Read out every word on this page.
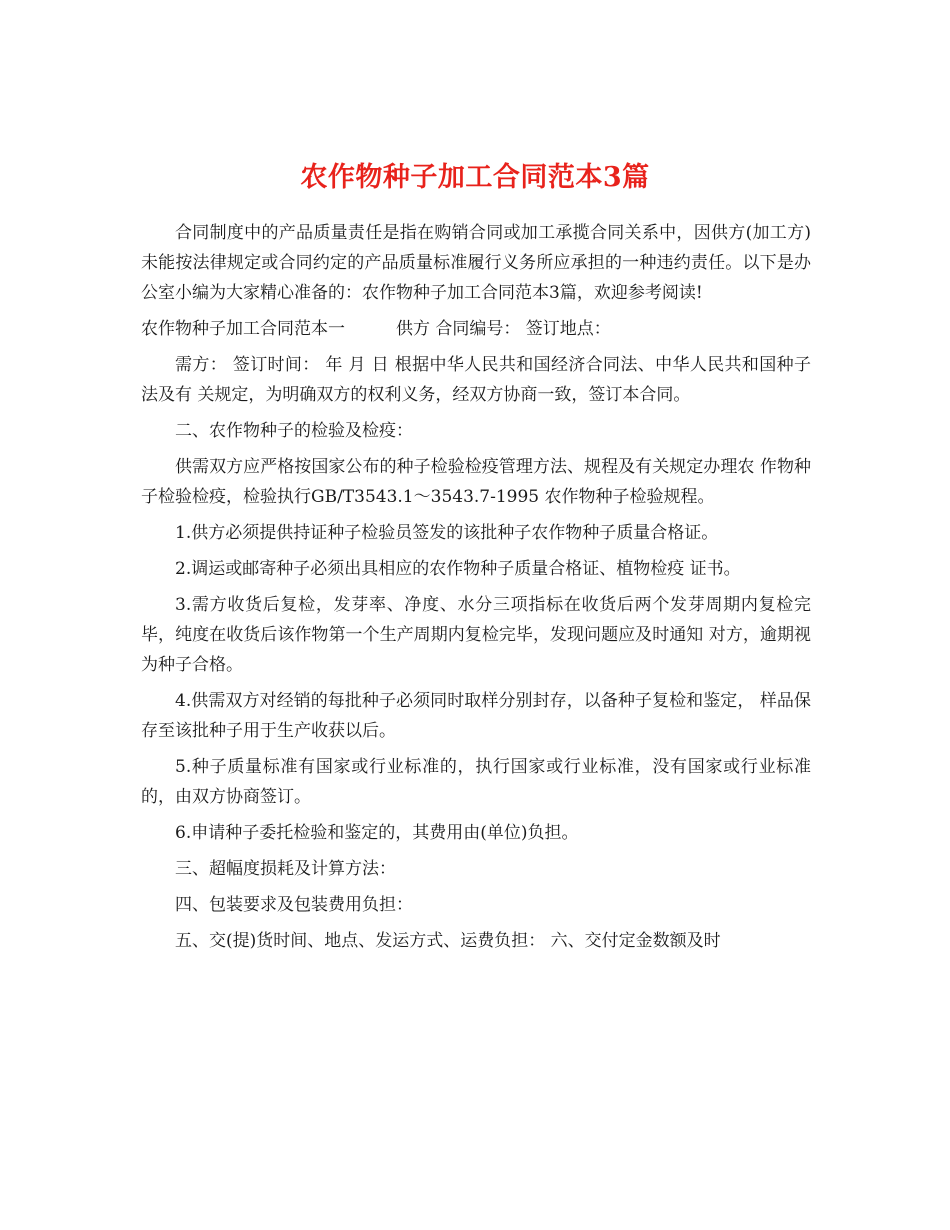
农作物种子加工合同范本3篇

合同制度中的产品质量责任是指在购销合同或加工承揽合同关系中，因供方(加工方)未能按法律规定或合同约定的产品质量标准履行义务所应承担的一种违约责任。以下是办公室小编为大家精心准备的：农作物种子加工合同范本3篇，欢迎参考阅读!

农作物种子加工合同范本一　　　供方 合同编号： 签订地点：

需方： 签订时间： 年 月 日 根据中华人民共和国经济合同法、中华人民共和国种子法及有 关规定，为明确双方的权利义务，经双方协商一致，签订本合同。

二、农作物种子的检验及检疫：

供需双方应严格按国家公布的种子检验检疫管理方法、规程及有关规定办理农 作物种子检验检疫，检验执行GB/T3543.1～3543.7-1995 农作物种子检验规程。

1.供方必须提供持证种子检验员签发的该批种子农作物种子质量合格证。

2.调运或邮寄种子必须出具相应的农作物种子质量合格证、植物检疫 证书。

3.需方收货后复检，发芽率、净度、水分三项指标在收货后两个发芽周期内复检完毕，纯度在收货后该作物第一个生产周期内复检完毕，发现问题应及时通知 对方，逾期视为种子合格。

4.供需双方对经销的每批种子必须同时取样分别封存，以备种子复检和鉴定， 样品保存至该批种子用于生产收获以后。

5.种子质量标准有国家或行业标准的，执行国家或行业标准，没有国家或行业标准的，由双方协商签订。

6.申请种子委托检验和鉴定的，其费用由(单位)负担。

三、超幅度损耗及计算方法：

四、包装要求及包装费用负担：

五、交(提)货时间、地点、发运方式、运费负担： 六、交付定金数额及时
